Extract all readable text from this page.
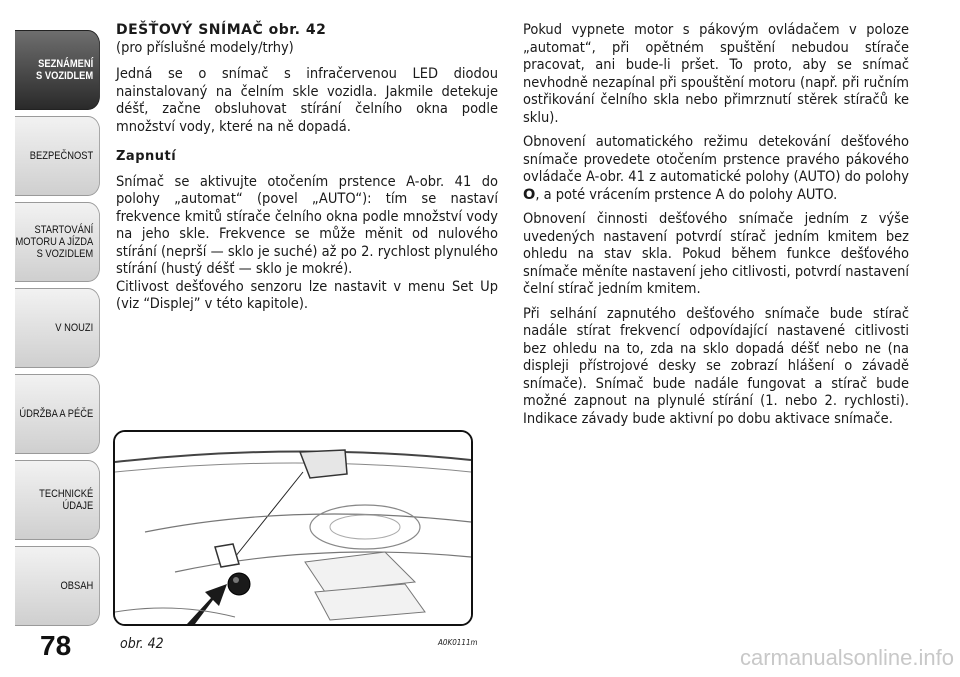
SEZNÁMENÍ
S VOZIDLEM
BEZPEČNOST
STARTOVÁNÍ
MOTORU A JÍZDA
S VOZIDLEM
V NOUZI
ÚDRŽBA A PÉČE
TECHNICKÉ
ÚDAJE
OBSAH
78
DEŠŤOVÝ SNÍMAČ obr. 42

(pro příslušné modely/trhy)

Jedná se o snímač s infračervenou LED diodou nainstalovaný na čelním skle vozidla. Jakmile detekuje déšť, začne obsluhovat stírání čelního okna podle množství vody, které na ně dopadá.

Zapnutí

Snímač se aktivujte otočením prstence A-obr. 41 do polohy „automat“ (povel „AUTO“): tím se nastaví frekvence kmitů stírače čelního okna podle množství vody na jeho skle. Frekvence se může měnit od nulového stírání (neprší — sklo je suché) až po 2. rychlost plynulého stírání (hustý déšť — sklo je mokré).

Citlivost dešťového senzoru lze nastavit v menu Set Up (viz “Displej” v této kapitole).

Pokud vypnete motor s pákovým ovládačem v poloze „automat“, při opětném spuštění nebudou stírače pracovat, ani bude-li pršet. To proto, aby se snímač nevhodně nezapínal při spouštění motoru (např. při ručním ostřikování čelního skla nebo přimrznutí stěrek stíračů ke sklu).

Obnovení automatického režimu detekování dešťového snímače provedete otočením prstence pravého pákového ovládače A-obr. 41 z automatické polohy (AUTO) do polohy O, a poté vrácením prstence A do polohy AUTO.

Obnovení činnosti dešťového snímače jedním z výše uvedených nastavení potvrdí stírač jedním kmitem bez ohledu na stav skla. Pokud během funkce dešťového snímače měníte nastavení jeho citlivosti, potvrdí nastavení čelní stírač jedním kmitem.

Při selhání zapnutého dešťového snímače bude stírač nadále stírat frekvencí odpovídající nastavené citlivosti bez ohledu na to, zda na sklo dopadá déšť nebo ne (na displeji přístrojové desky se zobrazí hlášení o závadě snímače). Snímač bude nadále fungovat a stírač bude možné zapnout na plynulé stírání (1. nebo 2. rychlosti). Indikace závady bude aktivní po dobu aktivace snímače.

obr. 42	A0K0111m
carmanualsonline.info
